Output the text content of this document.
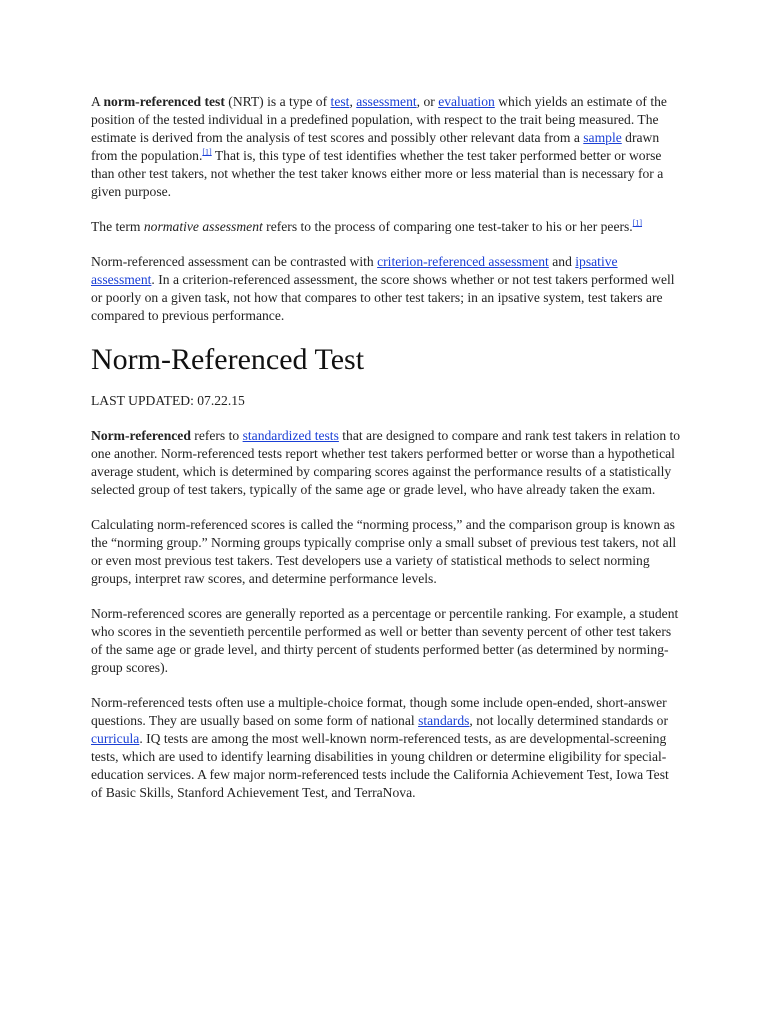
A norm-referenced test (NRT) is a type of test, assessment, or evaluation which yields an estimate of the position of the tested individual in a predefined population, with respect to the trait being measured. The estimate is derived from the analysis of test scores and possibly other relevant data from a sample drawn from the population.[1] That is, this type of test identifies whether the test taker performed better or worse than other test takers, not whether the test taker knows either more or less material than is necessary for a given purpose.

The term normative assessment refers to the process of comparing one test-taker to his or her peers.[1]

Norm-referenced assessment can be contrasted with criterion-referenced assessment and ipsative assessment. In a criterion-referenced assessment, the score shows whether or not test takers performed well or poorly on a given task, not how that compares to other test takers; in an ipsative system, test takers are compared to previous performance.

Norm-Referenced Test
LAST UPDATED: 07.22.15

Norm-referenced refers to standardized tests that are designed to compare and rank test takers in relation to one another. Norm-referenced tests report whether test takers performed better or worse than a hypothetical average student, which is determined by comparing scores against the performance results of a statistically selected group of test takers, typically of the same age or grade level, who have already taken the exam.

Calculating norm-referenced scores is called the “norming process,” and the comparison group is known as the “norming group.” Norming groups typically comprise only a small subset of previous test takers, not all or even most previous test takers. Test developers use a variety of statistical methods to select norming groups, interpret raw scores, and determine performance levels.

Norm-referenced scores are generally reported as a percentage or percentile ranking. For example, a student who scores in the seventieth percentile performed as well or better than seventy percent of other test takers of the same age or grade level, and thirty percent of students performed better (as determined by norming-group scores).

Norm-referenced tests often use a multiple-choice format, though some include open-ended, short-answer questions. They are usually based on some form of national standards, not locally determined standards or curricula. IQ tests are among the most well-known norm-referenced tests, as are developmental-screening tests, which are used to identify learning disabilities in young children or determine eligibility for special-education services. A few major norm-referenced tests include the California Achievement Test, Iowa Test of Basic Skills, Stanford Achievement Test, and TerraNova.
